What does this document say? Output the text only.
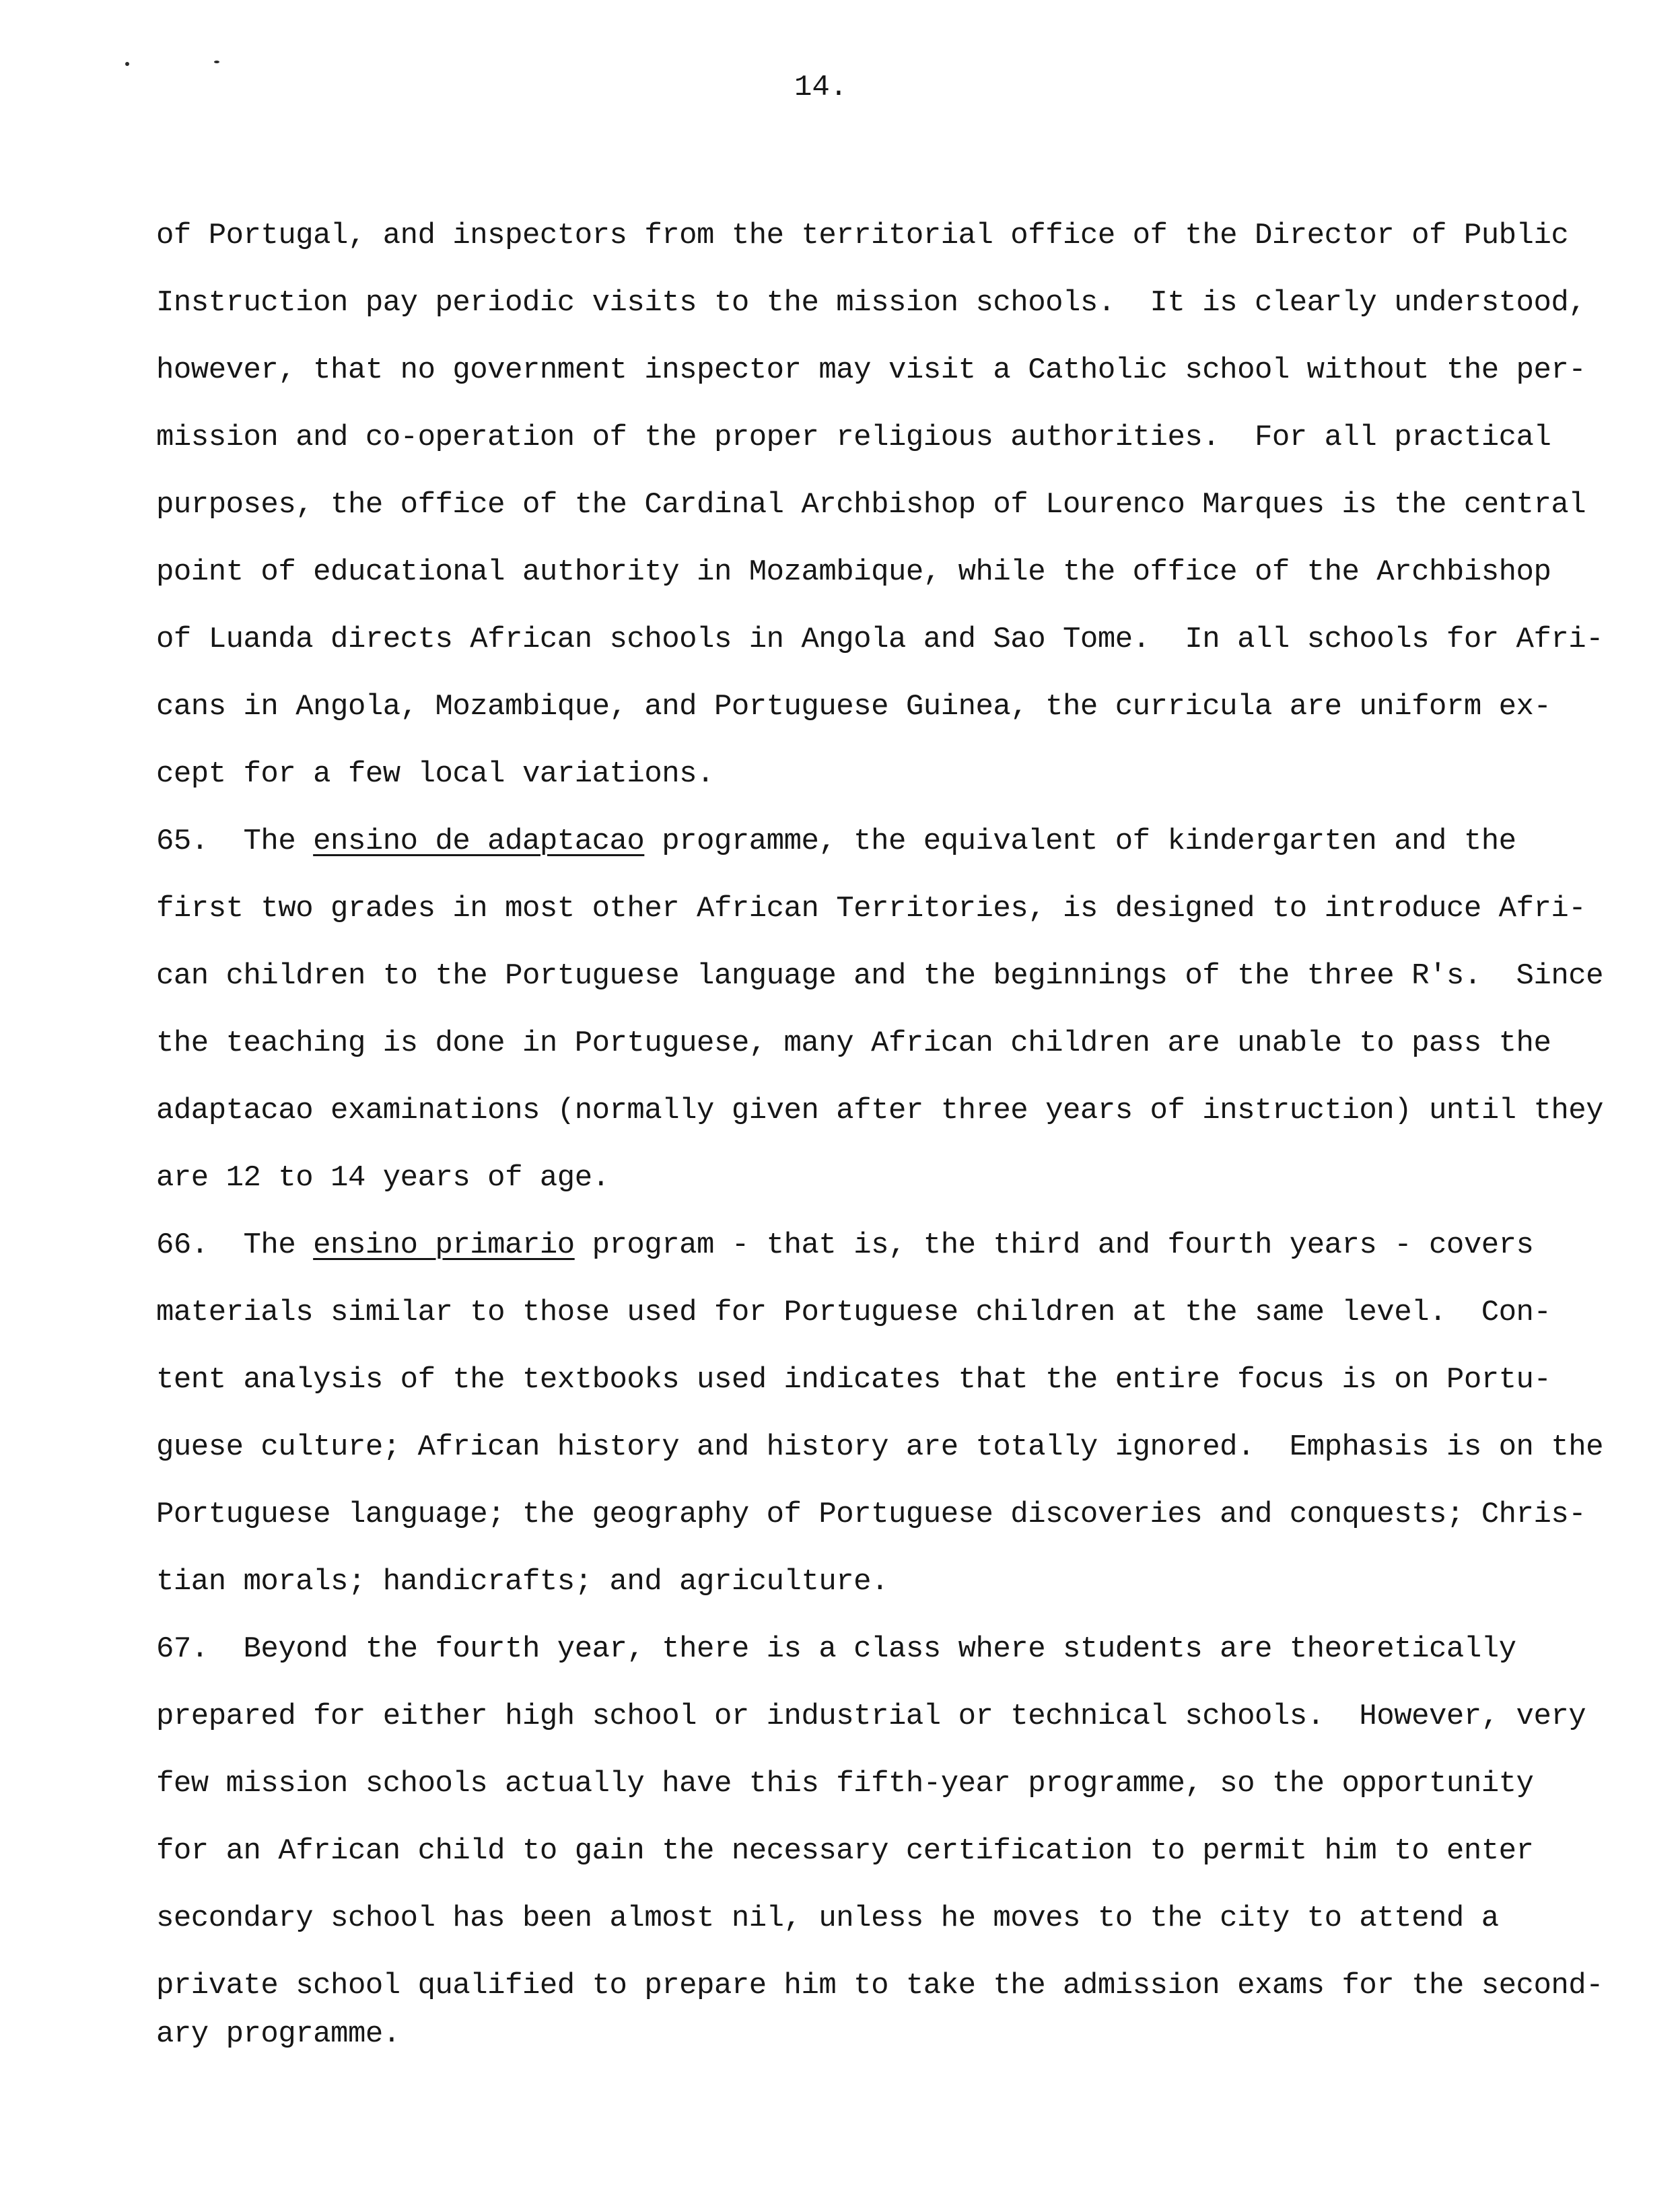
14.
of Portugal, and inspectors from the territorial office of the Director of Public
Instruction pay periodic visits to the mission schools.  It is clearly understood,
however, that no government inspector may visit a Catholic school without the per-
mission and co-operation of the proper religious authorities.  For all practical
purposes, the office of the Cardinal Archbishop of Lourenco Marques is the central
point of educational authority in Mozambique, while the office of the Archbishop
of Luanda directs African schools in Angola and Sao Tome.  In all schools for Afri-
cans in Angola, Mozambique, and Portuguese Guinea, the curricula are uniform ex-
cept for a few local variations.
65.  The ensino de adaptacao programme, the equivalent of kindergarten and the
first two grades in most other African Territories, is designed to introduce Afri-
can children to the Portuguese language and the beginnings of the three R's.  Since
the teaching is done in Portuguese, many African children are unable to pass the
adaptacao examinations (normally given after three years of instruction) until they
are 12 to 14 years of age.
66.  The ensino primario program - that is, the third and fourth years - covers
materials similar to those used for Portuguese children at the same level.  Con-
tent analysis of the textbooks used indicates that the entire focus is on Portu-
guese culture; African history and history are totally ignored.  Emphasis is on the
Portuguese language; the geography of Portuguese discoveries and conquests; Chris-
tian morals; handicrafts; and agriculture.
67.  Beyond the fourth year, there is a class where students are theoretically
prepared for either high school or industrial or technical schools.  However, very
few mission schools actually have this fifth-year programme, so the opportunity
for an African child to gain the necessary certification to permit him to enter
secondary school has been almost nil, unless he moves to the city to attend a
private school qualified to prepare him to take the admission exams for the second-
ary programme.
